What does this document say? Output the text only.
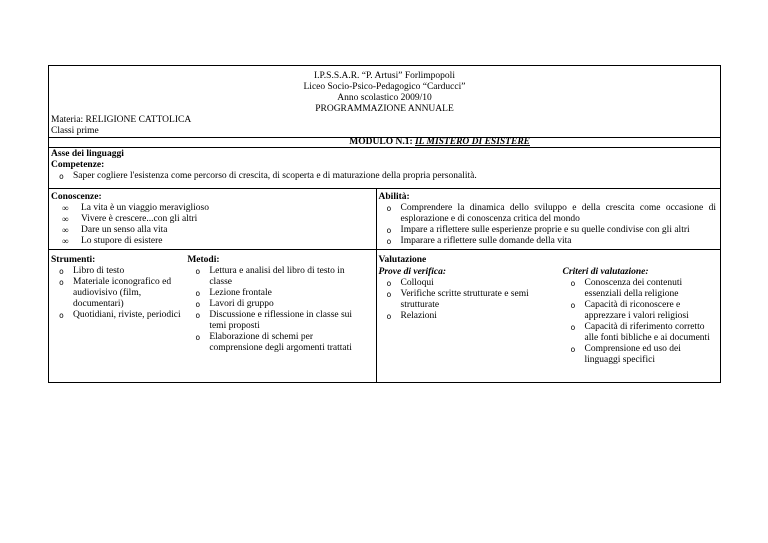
I.P.S.S.A.R. “P. Artusi” Forlimpopoli
Liceo Socio-Psico-Pedagogico “Carducci”
Anno scolastico 2009/10
PROGRAMMAZIONE ANNUALE
Materia: RELIGIONE CATTOLICA
Classi prime

MODULO N.1: IL MISTERO DI ESISTERE

Asse dei linguaggi
Competenze:
o Saper cogliere l'esistenza come percorso di crescita, di scoperta e di maturazione della propria personalità.

Conoscenze:
∞ La vita è un viaggio meraviglioso
∞ Vivere è crescere...con gli altri
∞ Dare un senso alla vita
∞ Lo stupore di esistere

Abilità:
o Comprendere la dinamica dello sviluppo e della crescita come occasione di esplorazione e di conoscenza critica del mondo
o Impare a riflettere sulle esperienze proprie e su quelle condivise con gli altri
o Imparare a riflettere sulle domande della vita

Strumenti:
o Libro di testo
o Materiale iconografico ed audiovisivo (film, documentari)
o Quotidiani, riviste, periodici

Metodi:
o Lettura e analisi del libro di testo in classe
o Lezione frontale
o Lavori di gruppo
o Discussione e riflessione in classe sui temi proposti
o Elaborazione di schemi per comprensione degli argomenti trattati

Valutazione
Prove di verifica:
o Colloqui
o Verifiche scritte strutturate e semi strutturate
o Relazioni

Criteri di valutazione:
o Conoscenza dei contenuti essenziali della religione
o Capacità di riconoscere e apprezzare i valori religiosi
o Capacità di riferimento corretto alle fonti bibliche e ai documenti
o Comprensione ed uso dei linguaggi specifici
